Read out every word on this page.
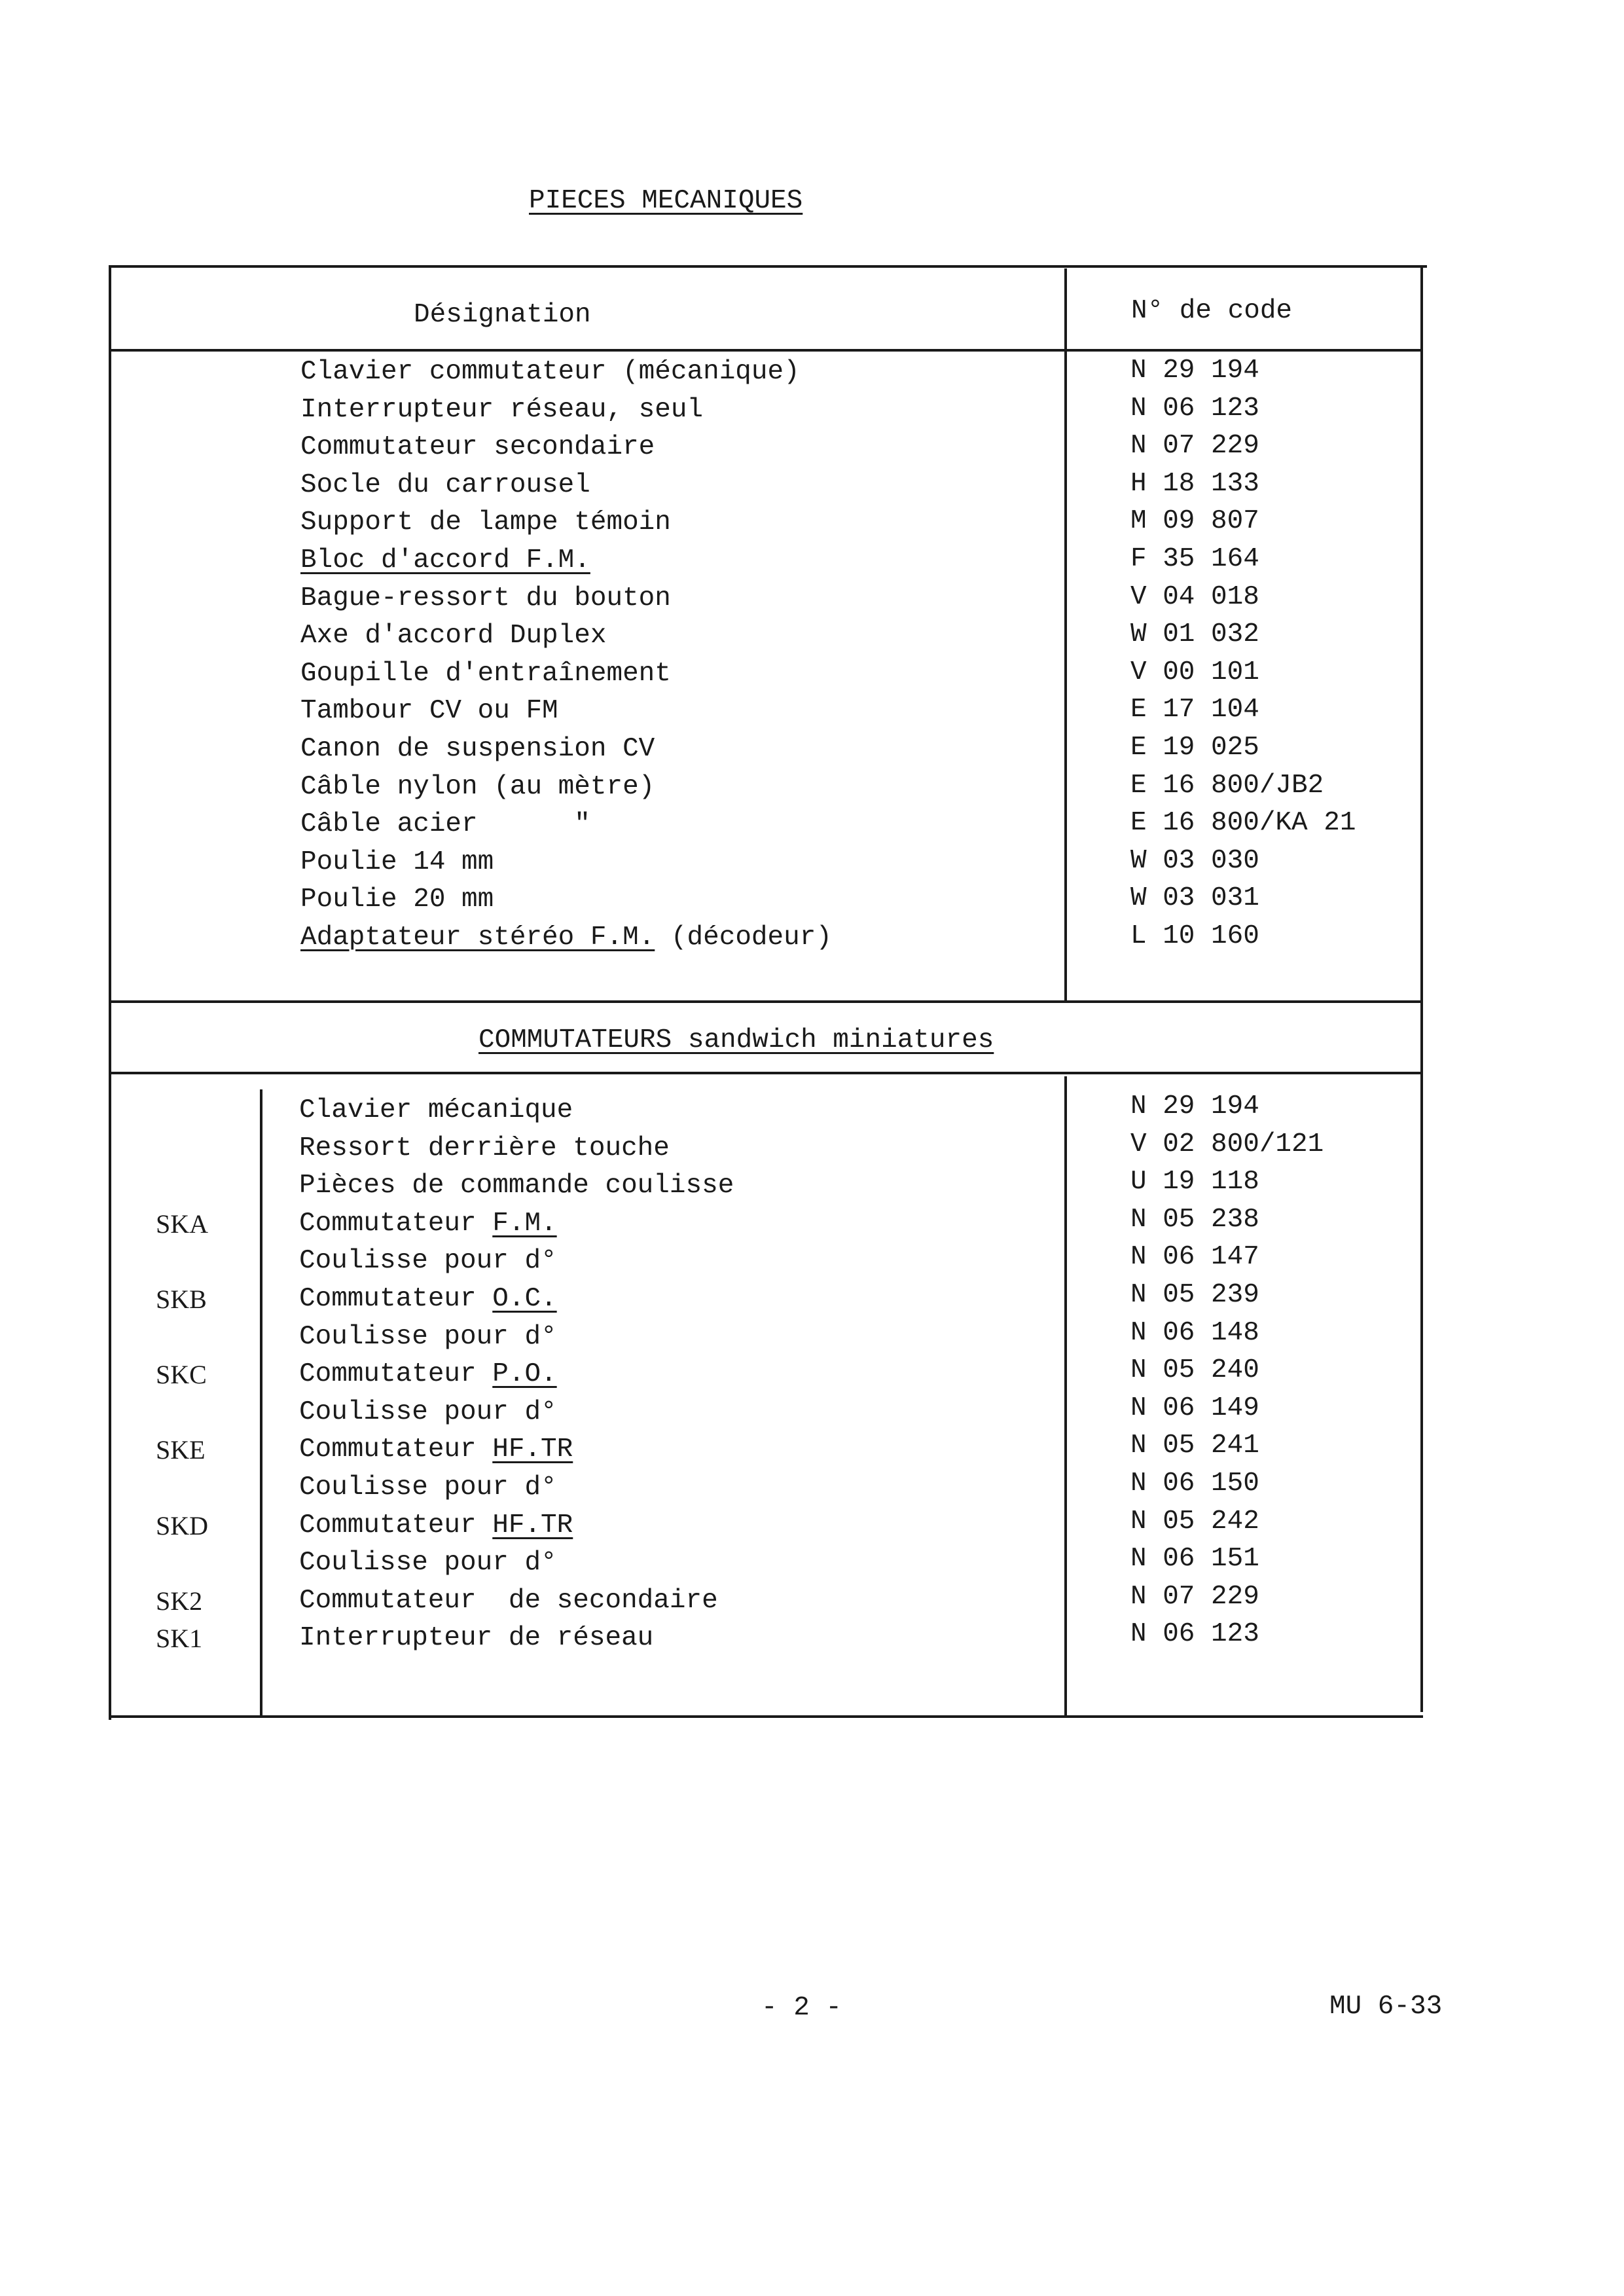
PIECES MECANIQUES
Désignation	N° de code
Clavier commutateur (mécanique)
Interrupteur réseau, seul
Commutateur secondaire
Socle du carrousel
Support de lampe témoin
Bloc d'accord F.M.
Bague-ressort du bouton
Axe d'accord Duplex
Goupille d'entraînement
Tambour CV ou FM
Canon de suspension CV
Câble nylon (au mètre)
Câble acier      "
Poulie 14 mm
Poulie 20 mm
Adaptateur stéréo F.M. (décodeur)
N 29 194
N 06 123
N 07 229
H 18 133
M 09 807
F 35 164
V 04 018
W 01 032
V 00 101
E 17 104
E 19 025
E 16 800/JB2
E 16 800/KA 21
W 03 030
W 03 031
L 10 160
COMMUTATEURS sandwich miniatures
SKA
SKB
SKC
SKE
SKD
SK2
SK1
Clavier mécanique
Ressort derrière touche
Pièces de commande coulisse
Commutateur F.M.
Coulisse pour d°
Commutateur O.C.
Coulisse pour d°
Commutateur P.O.
Coulisse pour d°
Commutateur HF.TR
Coulisse pour d°
Commutateur HF.TR
Coulisse pour d°
Commutateur  de secondaire
Interrupteur de réseau
N 29 194
V 02 800/121
U 19 118
N 05 238
N 06 147
N 05 239
N 06 148
N 05 240
N 06 149
N 05 241
N 06 150
N 05 242
N 06 151
N 07 229
N 06 123
- 2 -	MU 6-33
